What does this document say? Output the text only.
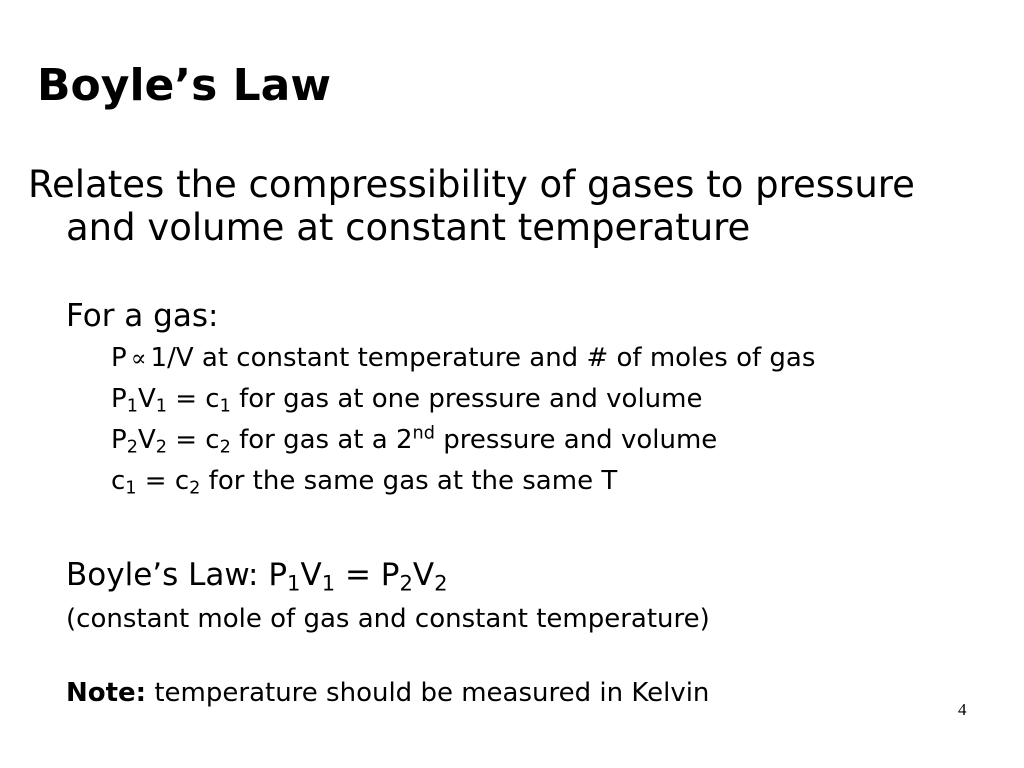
Boyle’s Law
Relates the compressibility of gases to pressure
and volume at constant temperature
For a gas:
P ∝ 1/V at constant temperature and # of moles of gas
$P_1V_1 = c_1$ for gas at one pressure and volume
$P_2V_2 = c_2$ for gas at a 2nd pressure and volume
$c_1 = c_2$ for the same gas at the same T
Boyle’s Law: $P_1V_1 = P_2V_2$
(constant mole of gas and constant temperature)
Note: temperature should be measured in Kelvin
4
